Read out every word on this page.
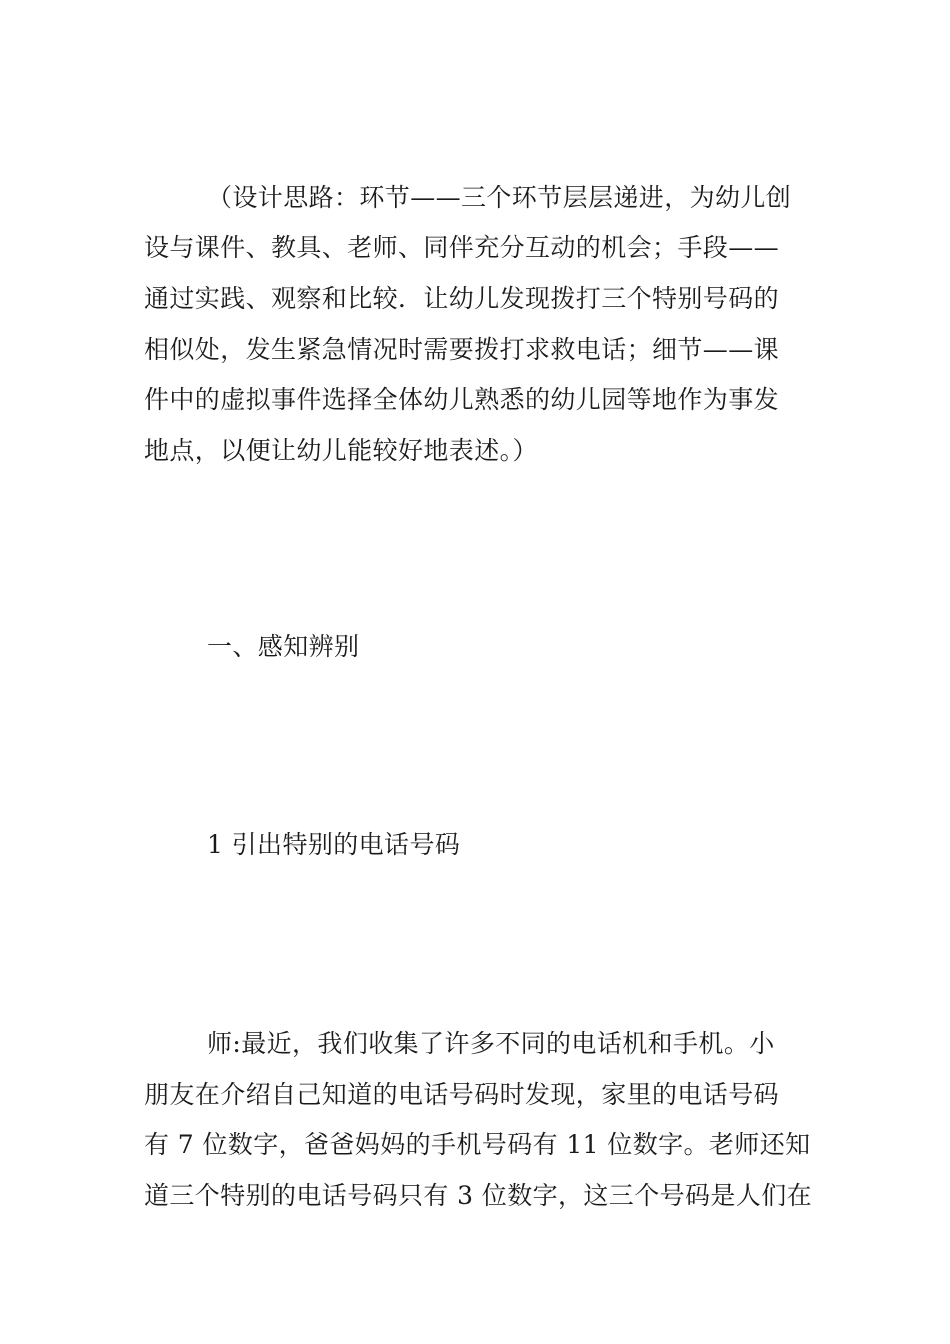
（设计思路：环节——三个环节层层递进，为幼儿创
设与课件、教具、老师、同伴充分互动的机会；手段——
通过实践、观察和比较．让幼儿发现拨打三个特别号码的
相似处，发生紧急情况时需要拨打求救电话；细节——课
件中的虚拟事件选择全体幼儿熟悉的幼儿园等地作为事发
地点，以便让幼儿能较好地表述。）
一、感知辨别
1 引出特别的电话号码
师:最近，我们收集了许多不同的电话机和手机。小
朋友在介绍自己知道的电话号码时发现，家里的电话号码
有 7 位数字，爸爸妈妈的手机号码有 11 位数字。老师还知
道三个特别的电话号码只有 3 位数字，这三个号码是人们在
